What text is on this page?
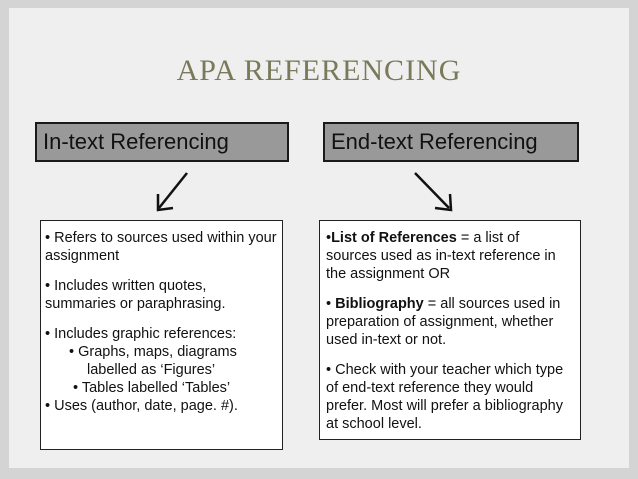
APA REFERENCING
In-text Referencing	End-text Referencing

• Refers to sources used within your assignment

• Includes written quotes, summaries or paraphrasing.

• Includes graphic references:
• Graphs, maps, diagrams
labelled as ‘Figures’
• Tables labelled ‘Tables’
• Uses (author, date, page. #).

•List of References = a list of sources used as in-text reference in the assignment OR

• Bibliography = all sources used in preparation of assignment, whether used in-text or not.

• Check with your teacher which type of end-text reference they would prefer. Most will prefer a bibliography at school level.
